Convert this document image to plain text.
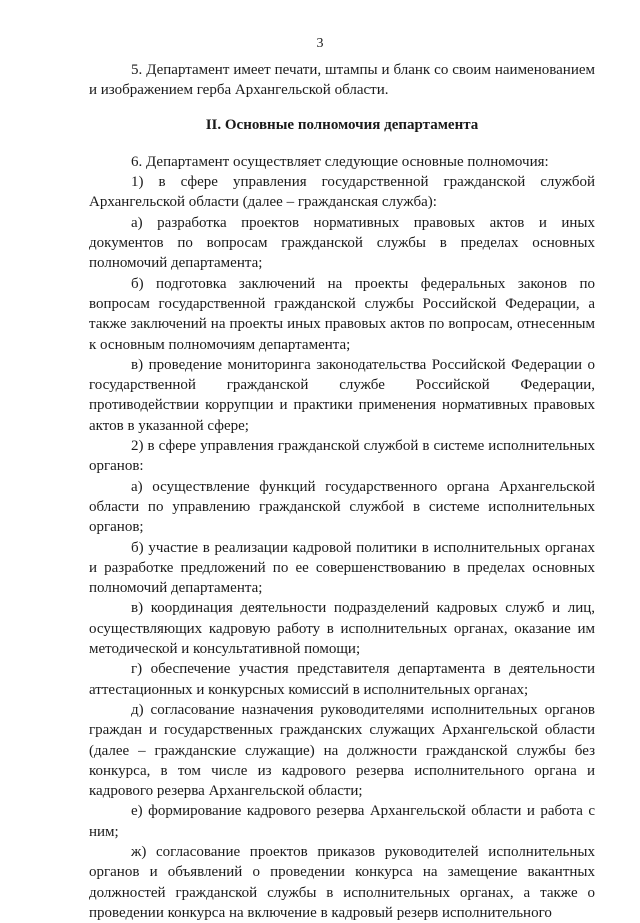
3

5. Департамент имеет печати, штампы и бланк со своим наименованием и изображением герба Архангельской области.

II. Основные полномочия департамента

6. Департамент осуществляет следующие основные полномочия:

1) в сфере управления государственной гражданской службой Архангельской области (далее – гражданская служба):

а) разработка проектов нормативных правовых актов и иных документов по вопросам гражданской службы в пределах основных полномочий департамента;

б) подготовка заключений на проекты федеральных законов по вопросам государственной гражданской службы Российской Федерации, а также заключений на проекты иных правовых актов по вопросам, отнесенным к основным полномочиям департамента;

в) проведение мониторинга законодательства Российской Федерации о государственной гражданской службе Российской Федерации, противодействии коррупции и практики применения нормативных правовых актов в указанной сфере;

2) в сфере управления гражданской службой в системе исполнительных органов:

а) осуществление функций государственного органа Архангельской области по управлению гражданской службой в системе исполнительных органов;

б) участие в реализации кадровой политики в исполнительных органах и разработке предложений по ее совершенствованию в пределах основных полномочий департамента;

в) координация деятельности подразделений кадровых служб и лиц, осуществляющих кадровую работу в исполнительных органах, оказание им методической и консультативной помощи;

г) обеспечение участия представителя департамента в деятельности аттестационных и конкурсных комиссий в исполнительных органах;

д) согласование назначения руководителями исполнительных органов граждан и государственных гражданских служащих Архангельской области (далее – гражданские служащие) на должности гражданской службы без конкурса, в том числе из кадрового резерва исполнительного органа и кадрового резерва Архангельской области;

е) формирование кадрового резерва Архангельской области и работа с ним;

ж) согласование проектов приказов руководителей исполнительных органов и объявлений о проведении конкурса на замещение вакантных должностей гражданской службы в исполнительных органах, а также о проведении конкурса на включение в кадровый резерв исполнительного
